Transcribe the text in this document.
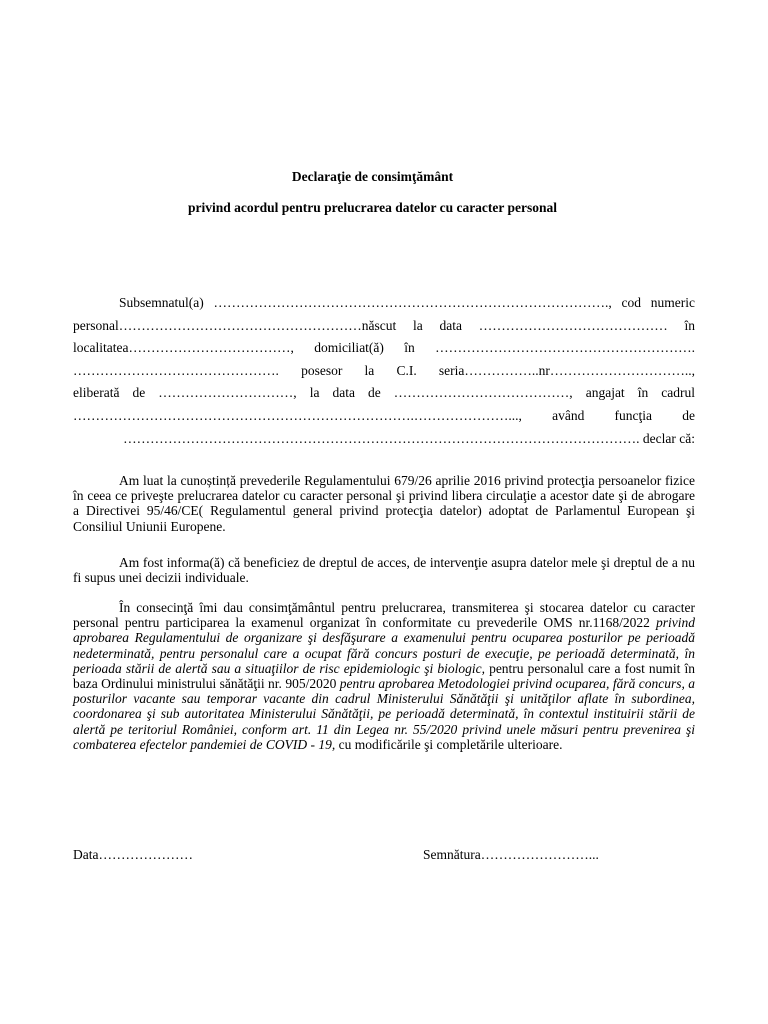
Declaraţie de consimţământ

privind acordul pentru prelucrarea datelor cu caracter personal

Subsemnatul(a) ……………………………………………………………………………., cod numeric
personal………………………………………………născut la data …………………………………… în
localitatea………………………………, domiciliat(ă) în ………………………………………………….
………………………………………. posesor la C.I. seria……………..nr…………………………..,
eliberată de …………………………, la data de …………………………………, angajat în cadrul
………………………………………………………………….…………………..., având funcţia de
……………………………………………………………………………………………………. declar că:

Am luat la cunoștință prevederile Regulamentului 679/26 aprilie 2016 privind protecţia persoanelor fizice în ceea ce priveşte prelucrarea datelor cu caracter personal şi privind libera circulaţie a acestor date şi de abrogare a Directivei 95/46/CE( Regulamentul general privind protecţia datelor) adoptat de Parlamentul European şi Consiliul Uniunii Europene.

Am fost informa(ă) că beneficiez de dreptul de acces, de intervenţie asupra datelor mele şi dreptul de a nu fi supus unei decizii individuale.

În consecinţă îmi dau consimţământul pentru prelucrarea, transmiterea şi stocarea datelor cu caracter personal pentru participarea la examenul organizat în conformitate cu prevederile OMS nr.1168/2022 privind aprobarea Regulamentului de organizare şi desfăşurare a examenului pentru ocuparea posturilor pe perioadă nedeterminată, pentru personalul care a ocupat fără concurs posturi de execuţie, pe perioadă determinată, în perioada stării de alertă sau a situaţiilor de risc epidemiologic şi biologic, pentru personalul care a fost numit în baza Ordinului ministrului sănătăţii nr. 905/2020 pentru aprobarea Metodologiei privind ocuparea, fără concurs, a posturilor vacante sau temporar vacante din cadrul Ministerului Sănătăţii şi unităţilor aflate în subordinea, coordonarea şi sub autoritatea Ministerului Sănătăţii, pe perioadă determinată, în contextul instituirii stării de alertă pe teritoriul României, conform art. 11 din Legea nr. 55/2020 privind unele măsuri pentru prevenirea şi combaterea efectelor pandemiei de COVID - 19, cu modificările şi completările ulterioare.

Data…………………	Semnătura……………………...
